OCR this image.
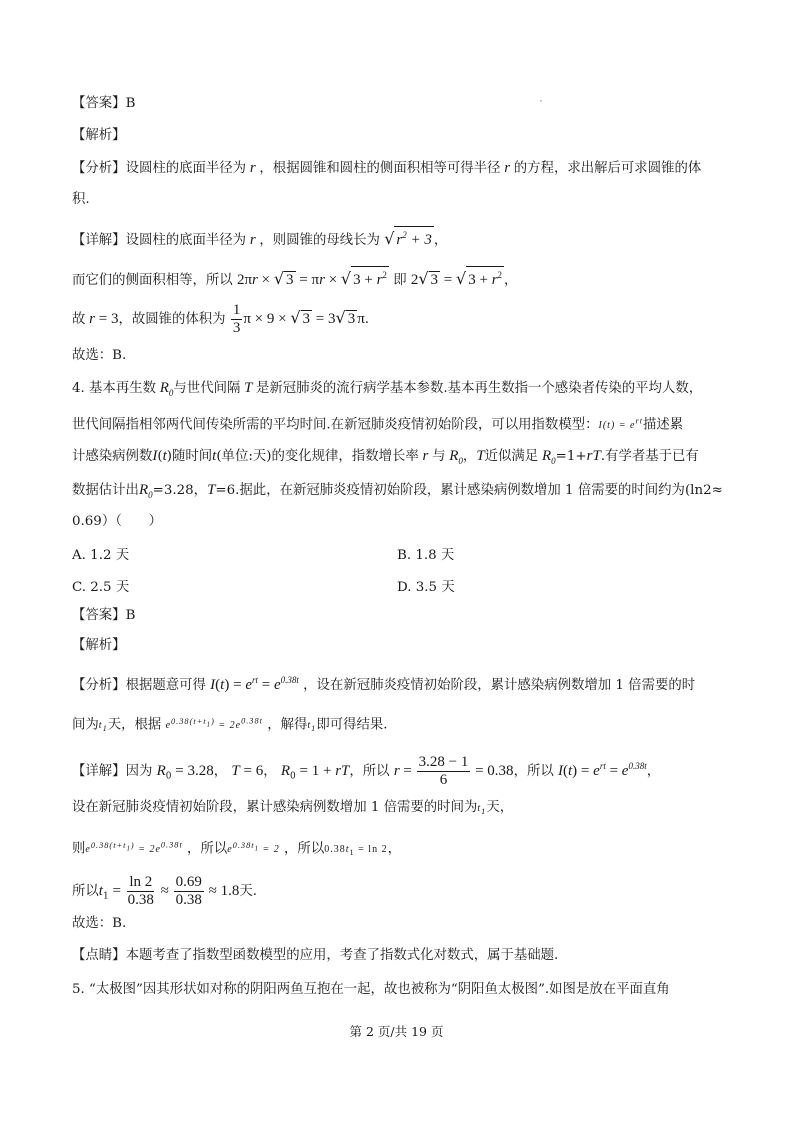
【答案】B
【解析】
【分析】设圆柱的底面半径为 r ，根据圆锥和圆柱的侧面积相等可得半径 r 的方程，求出解后可求圆锥的体
积.
【详解】设圆柱的底面半径为 r ，则圆锥的母线长为 √ $r^2 + 3$ ，
而它们的侧面积相等，所以 2πr × √ 3 = πr × √ $3 + r^2$ 即 2√ 3 = √ $3 + r^2$ ，
故 r = 3，故圆锥的体积为 $\frac{1}{3}$ π × 9 × √ 3 = 3√ 3 π.
故选：B.
4. 基本再生数 $R_0$与世代间隔 T 是新冠肺炎的流行病学基本参数.基本再生数指一个感染者传染的平均人数，
世代间隔指相邻两代间传染所需的平均时间.在新冠肺炎疫情初始阶段，可以用指数模型：$I(t) = e^{rt}$描述累
计感染病例数I(t)随时间t(单位:天)的变化规律，指数增长率 r 与 $R_0$，T近似满足 $R_0=1+rT$.有学者基于已有
数据估计出$R_0=3.28$，T=6.据此，在新冠肺炎疫情初始阶段，累计感染病例数增加 1 倍需要的时间约为(ln2≈
0.69）（　　）
A. 1.2 天	B. 1.8 天
C. 2.5 天	D. 3.5 天
【答案】B
【解析】
【分析】根据题意可得 $I(t) = e^{rt} = e^{0.38t}$ ，设在新冠肺炎疫情初始阶段，累计感染病例数增加 1 倍需要的时
间为$t_1$天，根据 $e^{0.38(t+t_1)} = 2e^{0.38t}$ ，解得$t_1$即可得结果.
【详解】因为 $R_0 = 3.28$， T = 6， $R_0 = 1$ + rT，所以 $r = \frac{3.28 - 1}{6} = 0.38$，所以 $I(t) = e^{rt} = e^{0.38t}$，
设在新冠肺炎疫情初始阶段，累计感染病例数增加 1 倍需要的时间为$t_1$天，
则$e^{0.38(t+t_1)} = 2e^{0.38t}$ ，所以$e^{0.38t_1} = 2$ ，所以$0.38t_1 = \ln 2$，
所以$t_1 = \frac{\ln 2}{0.38} \approx \frac{0.69}{0.38} \approx 1.8$天.
故选：B.
【点睛】本题考查了指数型函数模型的应用，考查了指数式化对数式，属于基础题.
5. “太极图”因其形状如对称的阴阳两鱼互抱在一起，故也被称为“阴阳鱼太极图”.如图是放在平面直角
第 2 页/共 19 页
